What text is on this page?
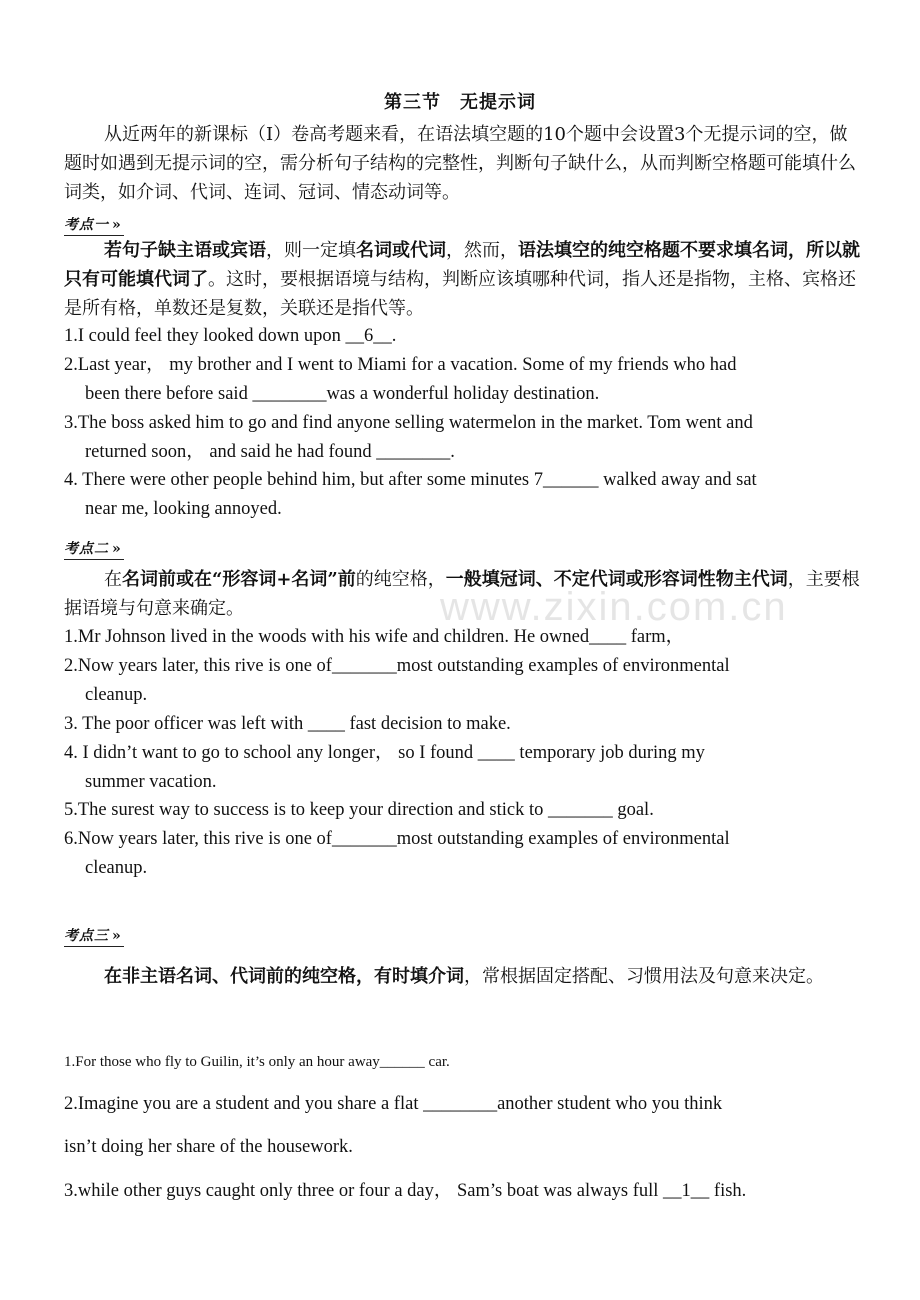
第三节　无提示词
从近两年的新课标（Ⅰ）卷高考题来看，在语法填空题的10个题中会设置3个无提示词的空，做题时如遇到无提示词的空，需分析句子结构的完整性，判断句子缺什么，从而判断空格题可能填什么词类，如介词、代词、连词、冠词、情态动词等。
考点一 »
若句子缺主语或宾语，则一定填名词或代词，然而，语法填空的纯空格题不要求填名词，所以就只有可能填代词了。这时，要根据语境与结构，判断应该填哪种代词，指人还是指物，主格、宾格还是所有格，单数还是复数，关联还是指代等。
1.I could feel they looked down upon __6__.
2.Last year， my brother and I went to Miami for a vacation. Some of my friends who had
been there before said ________was a wonderful holiday destination.
3.The boss asked him to go and find anyone selling watermelon in the market. Tom went and
returned soon， and said he had found ________.
4. There were other people behind him, but after some minutes 7______ walked away and sat
near me, looking annoyed.
考点二 »
在名词前或在“形容词+名词”前的纯空格，一般填冠词、不定代词或形容词性物主代词，主要根据语境与句意来确定。
1.Mr Johnson lived in the woods with his wife and children. He owned____ farm，
2.Now years later, this rive is one of_______most outstanding examples of environmental
cleanup.
3. The poor officer was left with ____ fast decision to make.
4. I didn’t want to go to school any longer， so I found ____ temporary job during my
summer vacation.
5.The surest way to success is to keep your direction and stick to _______ goal.
6.Now years later, this rive is one of_______most outstanding examples of environmental
cleanup.
考点三 »
在非主语名词、代词前的纯空格，有时填介词，常根据固定搭配、习惯用法及句意来决定。
1.For those who fly to Guilin, it’s only an hour away______ car.
2.Imagine you are a student and you share a flat ________another student who you think
isn’t doing her share of the housework.
3.while other guys caught only three or four a day， Sam’s boat was always full __1__ fish.
www.zixin.com.cn
